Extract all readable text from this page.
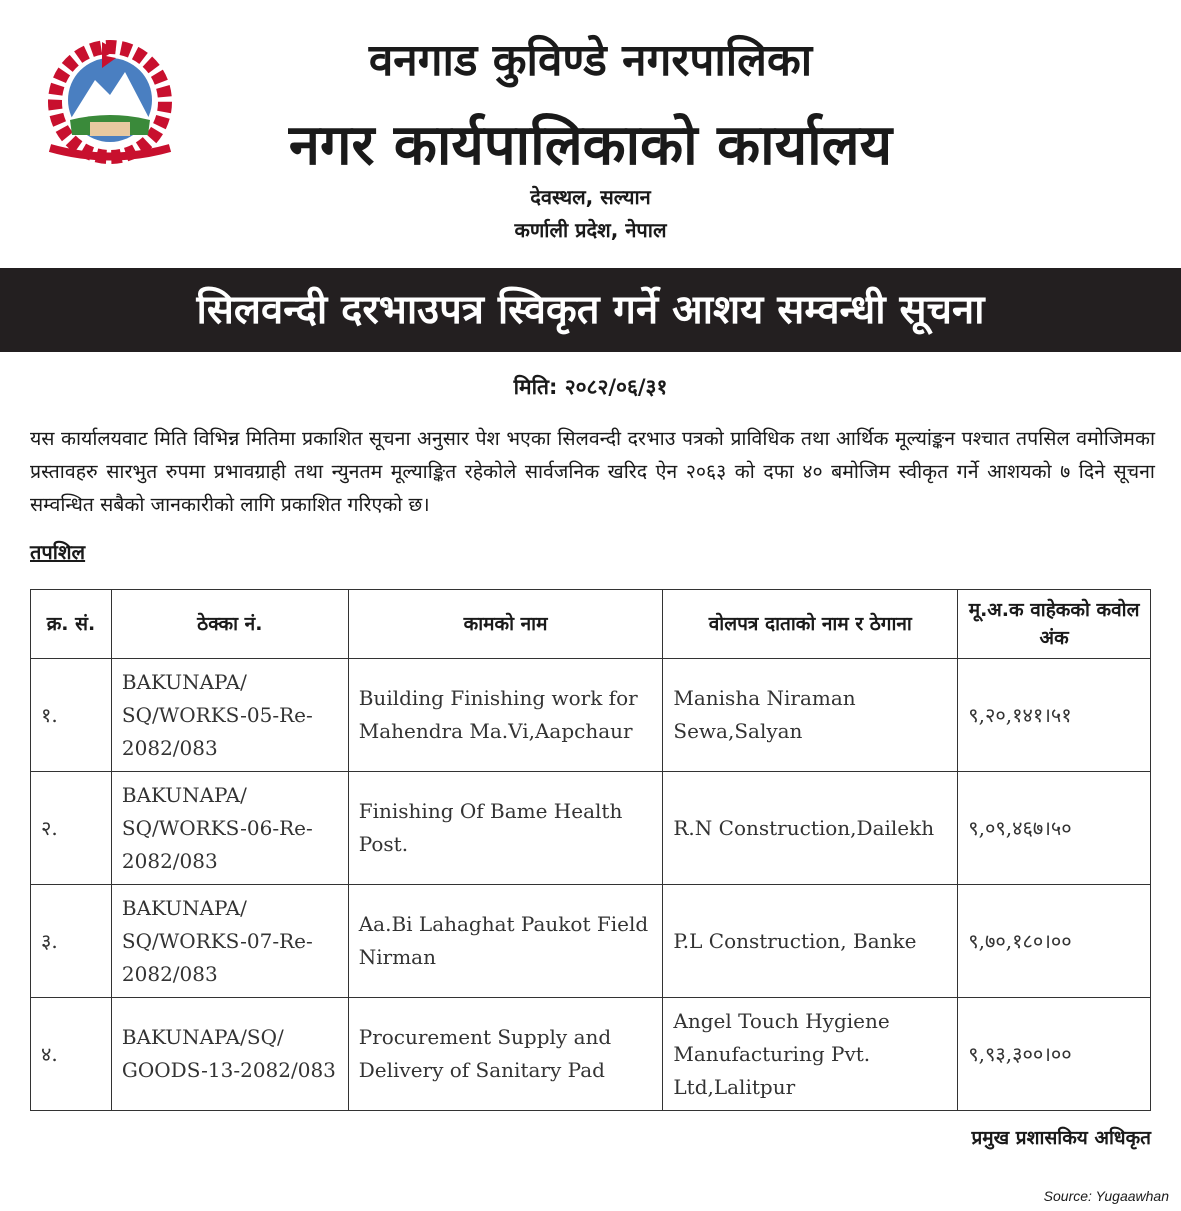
वनगाड कुविण्डे नगरपालिका
नगर कार्यपालिकाको कार्यालय
देवस्थल, सल्यान
कर्णाली प्रदेश, नेपाल
सिलवन्दी दरभाउपत्र स्विकृत गर्ने आशय सम्वन्धी सूचना
मिति: २०८२/०६/३१
यस कार्यालयवाट मिति विभिन्न मितिमा प्रकाशित सूचना अनुसार पेश भएका सिलवन्दी दरभाउ पत्रको प्राविधिक तथा आर्थिक मूल्यांङ्कन पश्चात तपसिल वमोजिमका प्रस्तावहरु सारभुत रुपमा प्रभावग्राही तथा न्युनतम मूल्याङ्कित रहेकोले सार्वजनिक खरिद ऐन २०६३ को दफा ४० बमोजिम स्वीकृत गर्ने आशयको ७ दिने सूचना सम्वन्धित सबैको जानकारीको लागि प्रकाशित गरिएको छ।
तपशिल
क्र. सं.	ठेक्का नं.	कामको नाम	वोलपत्र दाताको नाम र ठेगाना	मू.अ.क वाहेकको कवोल अंक
१.	BAKUNAPA/ SQ/WORKS-05-Re-2082/083	Building Finishing work for Mahendra Ma.Vi,Aapchaur	Manisha Niraman Sewa,Salyan	९,२०,१४१।५१
२.	BAKUNAPA/ SQ/WORKS-06-Re-2082/083	Finishing Of Bame Health Post.	R.N Construction,Dailekh	९,०९,४६७।५०
३.	BAKUNAPA/ SQ/WORKS-07-Re-2082/083	Aa.Bi Lahaghat Paukot Field Nirman	P.L Construction, Banke	९,७०,१८०।००
४.	BAKUNAPA/SQ/ GOODS-13-2082/083	Procurement Supply and Delivery of Sanitary Pad	Angel Touch Hygiene Manufacturing Pvt. Ltd,Lalitpur	९,९३,३००।००
प्रमुख प्रशासकिय अधिकृत
Source: Yugaawhan
